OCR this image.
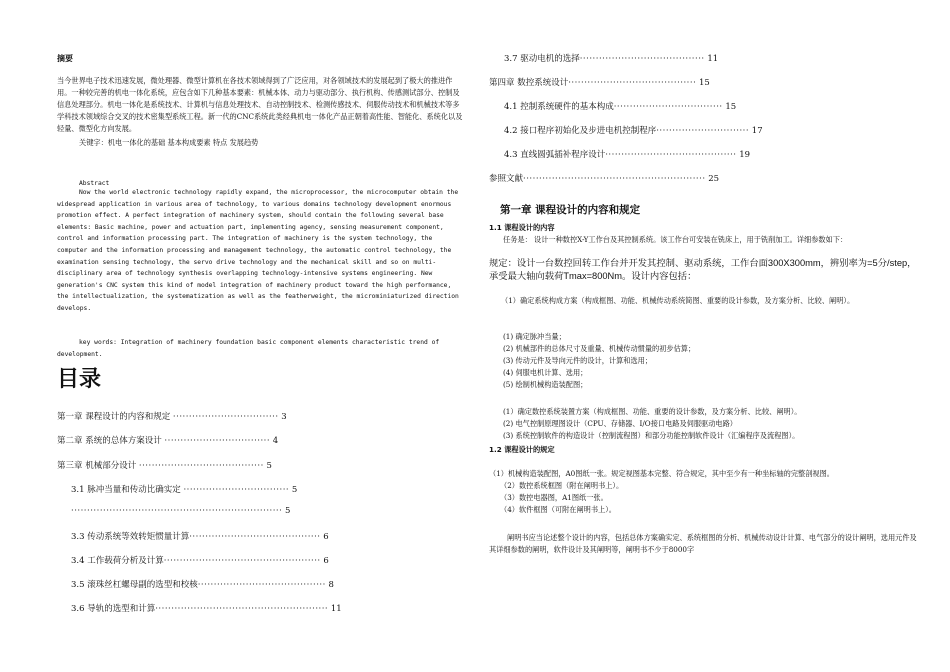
摘要
当今世界电子技术迅速发展，微处理器、微型计算机在各技术领域得到了广泛应用，对各领域技术的发展起到了极大的推进作用。一种较完善的机电一体化系统，应包含如下几种基本要素：机械本体、动力与驱动部分、执行机构、传感测试部分、控制及信息处理部分。机电一体化是系统技术、计算机与信息处理技术、自动控制技术、检测传感技术、伺服传动技术和机械技术等多学科技术领域综合交叉的技术密集型系统工程。新一代的CNC系统此类经典机电一体化产品正朝着高性能、智能化、系统化以及轻量、微型化方向发展。
关键字：机电一体化的基础 基本构成要素 特点 发展趋势
Abstract
Now the world electronic technology rapidly expand, the microprocessor, the microcomputer obtain the widespread application in various area of technology, to various domains technology development enormous promotion effect. A perfect integration of machinery system, should contain the following several base elements: Basic machine, power and actuation part, implementing agency, sensing measurement component, control and information processing part. The integration of machinery is the system technology, the computer and the information processing and management technology, the automatic control technology, the examination sensing technology, the servo drive technology and the mechanical skill and so on multi-disciplinary area of technology synthesis overlapping technology-intensive systems engineering. New generation's CNC system this kind of model integration of machinery product toward the high performance, the intellectualization, the systematization as well as the featherweight, the microminiaturized direction develops.
key words: Integration of machinery foundation basic component elements characteristic trend of development.
目录
第一章 课程设计的内容和规定 ································· 3
第二章 系统的总体方案设计 ································· 4
第三章 机械部分设计 ······································· 5
3.1 脉冲当量和传动比确实定 ································· 5
·································································· 5
3.3 传动系统等效转矩惯量计算········································· 6
3.4 工作载荷分析及计算················································· 6
3.5 滚珠丝杠螺母副的选型和校核········································ 8
3.6 导轨的选型和计算······················································ 11
3.7 驱动电机的选择······································· 11
第四章 数控系统设计········································ 15
4.1 控制系统硬件的基本构成·································· 15
4.2 接口程序初始化及步进电机控制程序····························· 17
4.3 直线圆弧插补程序设计········································· 19
参照文献························································· 25
第一章 课程设计的内容和规定
1.1 课程设计的内容
任务是： 设计一种数控X-Y工作台及其控制系统。该工作台可安装在铣床上，用于铣削加工。详细参数如下：
规定：设计一台数控回转工作台并开发其控制、驱动系统，工作台面300X300mm，辨别率为=5分/step，承受最大轴向载荷Tmax=800Nm。设计内容包括：
（1）确定系统构成方案（构成框图、功能、机械传动系统简图、重要的设计参数，及方案分析、比较、阐明）。
(1) 确定脉冲当量；
(2) 机械部件的总体尺寸及重量、机械传动惯量的初步估算；
(3) 传动元件及导向元件的设计，计算和选用；
(4) 伺服电机计算、选用；
(5) 绘制机械构造装配图；
(1）确定数控系统装置方案（构成框图、功能、重要的设计参数，及方案分析、比较、阐明）。
(2) 电气控制原理图设计（CPU、存储器、I/O接口电路及伺服驱动电路）
(3) 系统控制软件的构造设计（控制流程图）和部分功能控制软件设计（汇编程序及流程图）。
1.2 课程设计的规定
（1）机械构造装配图，A0图纸一张。规定视图基本完整、符合规定，其中至少有一种坐标轴的完整剖视图。
（2）数控系统框图（附在阐明书上）。
（3）数控电器图，A1图纸一张。
（4）软件框图（可附在阐明书上）。
阐明书应当论述整个设计的内容，包括总体方案确实定、系统框图的分析、机械传动设计计算、电气部分的设计阐明，选用元件及其详细参数的阐明，软件设计及其阐明等，阐明书不少于8000字
